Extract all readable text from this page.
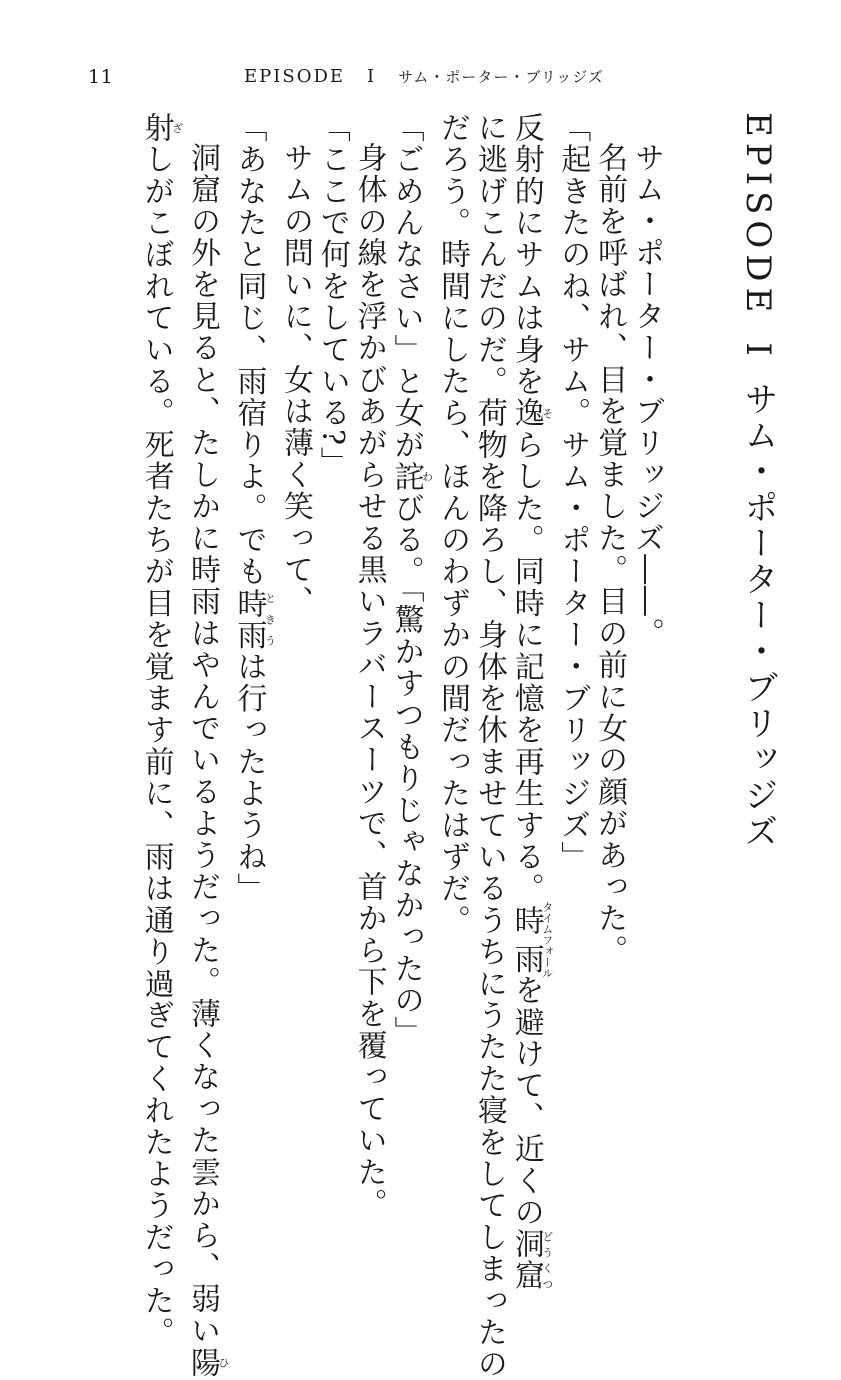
11	EPISODE I サム・ポーター・ブリッジズ
EPISODEIサム・ポーター・ブリッジズ
サム・ポーター・ブリッジズ――。
名前を呼ばれ、目を覚ました。目の前に女の顔があった。
「起きたのね、サム。サム・ポーター・ブリッジズ」
反射的にサムは身を逸そらした。同時に記憶を再生する。時雨タイムフォールを避けて、近くの洞窟どうくつ
に逃げこんだのだ。荷物を降ろし、身体を休ませているうちにうたた寝をしてしまったの
だろう。時間にしたら、ほんのわずかの間だったはずだ。
「ごめんなさい」と女が詫わびる。「驚かすつもりじゃなかったの」
身体の線を浮かびあがらせる黒いラバースーツで、首から下を覆っていた。
「ここで何をしている?」
サムの問いに、女は薄く笑って、
「あなたと同じ、雨宿りよ。でも時雨ときうは行ったようね」
洞窟の外を見ると、たしかに時雨はやんでいるようだった。薄くなった雲から、弱い陽ひ
射ざしがこぼれている。死者たちが目を覚ます前に、雨は通り過ぎてくれたようだった。
